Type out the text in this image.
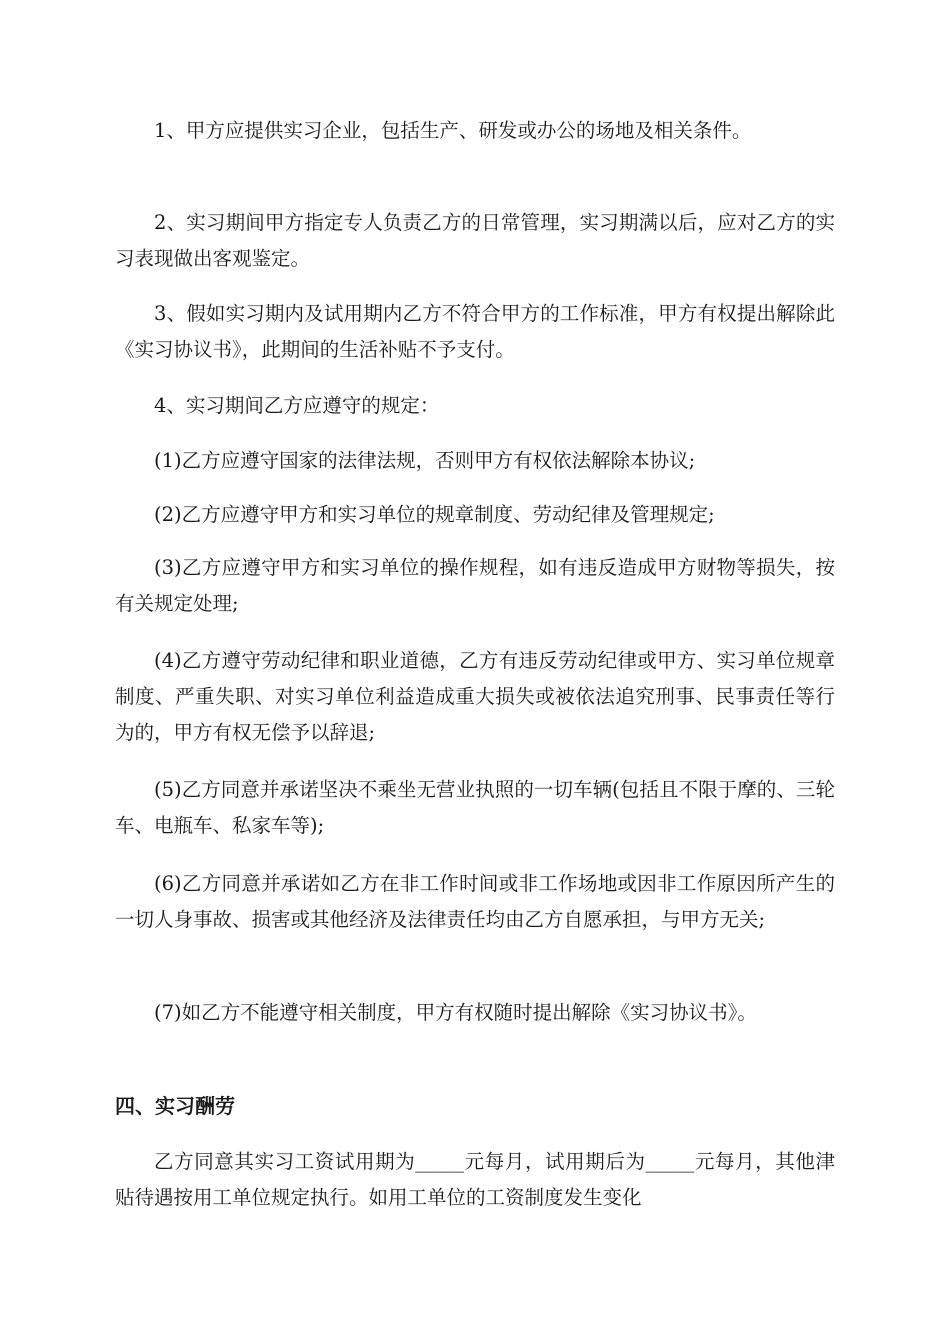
1、甲方应提供实习企业，包括生产、研发或办公的场地及相关条件。

2、实习期间甲方指定专人负责乙方的日常管理，实习期满以后，应对乙方的实习表现做出客观鉴定。

3、假如实习期内及试用期内乙方不符合甲方的工作标准，甲方有权提出解除此《实习协议书》，此期间的生活补贴不予支付。

4、实习期间乙方应遵守的规定：

(1)乙方应遵守国家的法律法规，否则甲方有权依法解除本协议;

(2)乙方应遵守甲方和实习单位的规章制度、劳动纪律及管理规定;

(3)乙方应遵守甲方和实习单位的操作规程，如有违反造成甲方财物等损失，按有关规定处理;

(4)乙方遵守劳动纪律和职业道德，乙方有违反劳动纪律或甲方、实习单位规章制度、严重失职、对实习单位利益造成重大损失或被依法追究刑事、民事责任等行为的，甲方有权无偿予以辞退;

(5)乙方同意并承诺坚决不乘坐无营业执照的一切车辆(包括且不限于摩的、三轮车、电瓶车、私家车等);

(6)乙方同意并承诺如乙方在非工作时间或非工作场地或因非工作原因所产生的一切人身事故、损害或其他经济及法律责任均由乙方自愿承担，与甲方无关;

(7)如乙方不能遵守相关制度，甲方有权随时提出解除《实习协议书》。

四、实习酬劳

乙方同意其实习工资试用期为_____元每月，试用期后为_____元每月，其他津贴待遇按用工单位规定执行。如用工单位的工资制度发生变化
